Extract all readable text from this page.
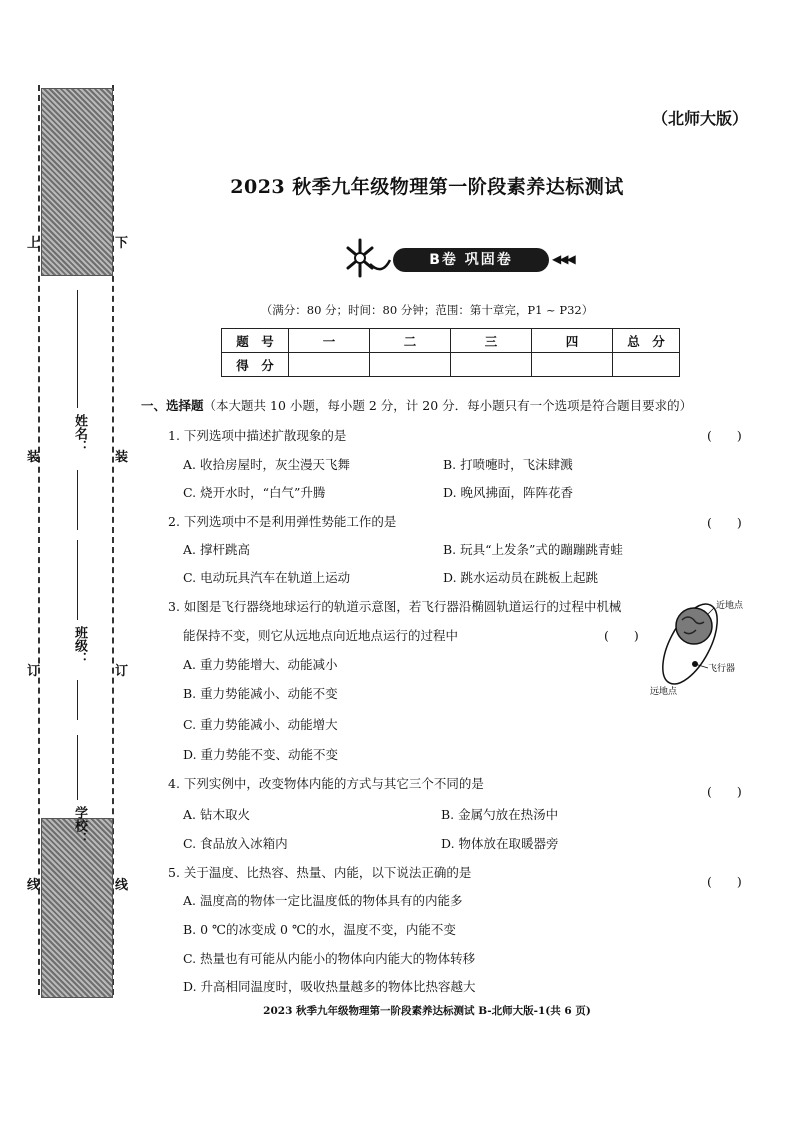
上	下
装	装
订	订
线	线
姓名：
班级：
学校：
（北师大版）
2023 秋季九年级物理第一阶段素养达标测试
B卷 巩固卷	◀◀◀
（满分：80 分；时间：80 分钟；范围：第十章完，P1 ~ P32）
题　号	一	二	三	四	总　分
得　分					
一、选择题（本大题共 10 小题，每小题 2 分，计 20 分．每小题只有一个选项是符合题目要求的）
1. 下列选项中描述扩散现象的是	(　　)
A. 收拾房屋时，灰尘漫天飞舞	B. 打喷嚏时，飞沫肆溅
C. 烧开水时，“白气”升腾	D. 晚风拂面，阵阵花香
2. 下列选项中不是利用弹性势能工作的是	(　　)
A. 撑杆跳高	B. 玩具“上发条”式的蹦蹦跳青蛙
C. 电动玩具汽车在轨道上运动	D. 跳水运动员在跳板上起跳
3. 如图是飞行器绕地球运行的轨道示意图，若飞行器沿椭圆轨道运行的过程中机械
能保持不变，则它从远地点向近地点运行的过程中	(　　)
A. 重力势能增大、动能减小
B. 重力势能减小、动能不变
C. 重力势能减小、动能增大
D. 重力势能不变、动能不变
近地点
飞行器
远地点
4. 下列实例中，改变物体内能的方式与其它三个不同的是
(　　)
A. 钻木取火	B. 金属勺放在热汤中
C. 食品放入冰箱内	D. 物体放在取暖器旁
5. 关于温度、比热容、热量、内能，以下说法正确的是
(　　)
A. 温度高的物体一定比温度低的物体具有的内能多
B. 0 ℃的冰变成 0 ℃的水，温度不变，内能不变
C. 热量也有可能从内能小的物体向内能大的物体转移
D. 升高相同温度时，吸收热量越多的物体比热容越大
2023 秋季九年级物理第一阶段素养达标测试 B-北师大版-1(共 6 页)
